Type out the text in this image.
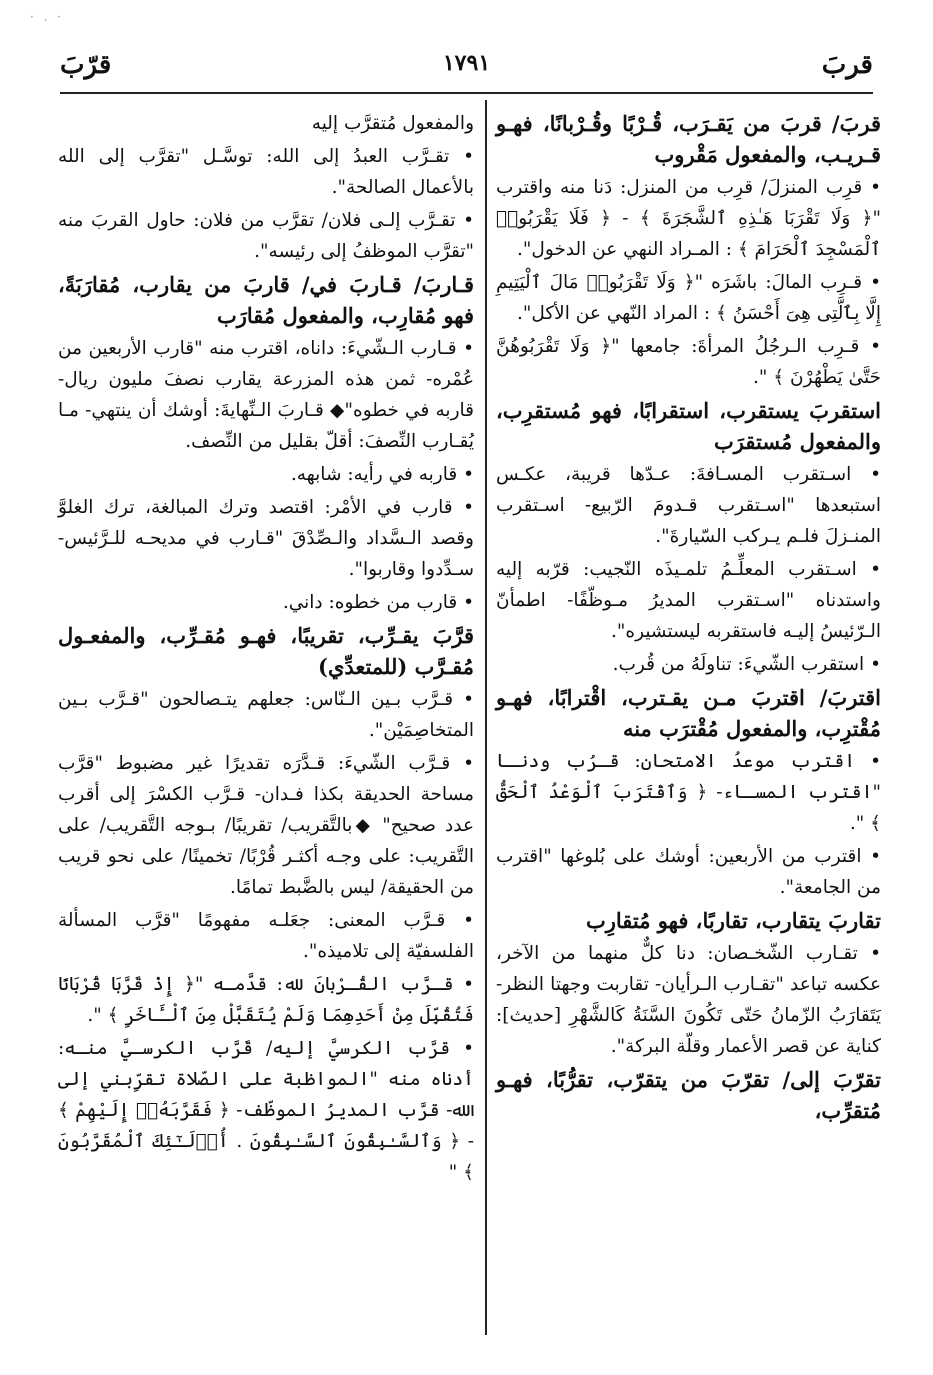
· . ·
قربَ
١٧٩١
قرّبَ

قربَ/ قربَ من يَقـرَب، قُـرْبًا وقُـرْبانًا، فهـو قـريـب، والمفعول مَقْروب

• قرِب المنزلَ/ قرِب من المنزل: دَنا منه واقترب "﴿ وَلَا تَقْرَبَا هَـٰذِهِ ٱلشَّجَرَةَ ﴾ - ﴿ فَلَا يَقْرَبُوا۟ ٱلْمَسْجِدَ ٱلْحَرَامَ ﴾ : المـراد النهي عن الدخول".

• قـرِب المالَ: باشَرَه "﴿ وَلَا تَقْرَبُوا۟ مَالَ ٱلْيَتِيمِ إِلَّا بِٱلَّتِى هِىَ أَحْسَنُ ﴾ : المراد النّهي عن الأكل".

• قـرِب الـرجُلُ المرأةَ: جامعها "﴿ وَلَا تَقْرَبُوهُنَّ حَتَّىٰ يَطْهُرْنَ ﴾ ".

استقربَ يستقرب، استقرابًا، فهو مُستقرِب، والمفعول مُستقرَب

• اسـتقرب المسـافةَ: عـدّها قريبة، عكـس استبعدها "اسـتقرب قـدومَ الرّبيع- اسـتقرب المنـزلَ فلـم يـركب السّيارةَ".

• اسـتقرب المعلِّـمُ تلمـيذَه النّجيب: قرّبه إليه واستدناه "اسـتقرب المديرُ مـوظّفًا- اطمأنّ الـرّئيسُ إليـه فاستقربه ليستشيره".

• استقرب الشّيءَ: تناولَهُ من قُرب.

اقتربَ/ اقتربَ مـن يقـترب، اقْترابًا، فهـو مُقْترِب، والمفعول مُقْترَب منه

• اقترب موعدُ الامتحان: قـرُب ودنـا "اقترب المسـاء- ﴿ وَٱقْتَرَبَ ٱلْوَعْدُ ٱلْحَقُّ ﴾ ".

• اقترب من الأربعين: أوشك على بُلوغها "اقترب من الجامعة".

تقاربَ يتقارب، تقاربًا، فهو مُتقارِب

• تقـارب الشّخـصان: دنا كلٌّ منهما من الآخر، عكسه تباعد "تقـارب الـرأيان- تقاربت وجهتا النظر- يَتَقارَبُ الزّمانُ حَتّى تَكُونَ السَّنَةُ كَالشَّهْرِ [حديث]: كناية عن قصر الأعمار وقلّة البركة".

تقرّبَ إلى/ تقرّبَ من يتقرّب، تقرُّبًا، فهـو مُتقرِّب،

والمفعول مُتقرَّب إليه

• تقـرَّب العبدُ إلى الله: توسَّـل "تقرَّب إلى الله بالأعمال الصالحة".

• تقـرَّب إلـى فلان/ تقرَّب من فلان: حاول القربَ منه "تقرَّب الموظفُ إلى رئيسه".

قـاربَ/ قـاربَ في/ قاربَ من يقارب، مُقارَبَةً، فهو مُقارِب، والمفعول مُقارَب

• قـارب الـشّيءَ: داناه، اقترب منه "قارب الأربعين من عُمْره- ثمن هذه المزرعة يقارب نصفَ مليون ريال- قاربه في خطوه"◆ قـاربَ الـنِّهايةَ: أوشك أن ينتهي- مـا يُقـارب النِّصفَ: أقلّ بقليل من النِّصف.

• قاربه في رأيه: شابهه.

• قارب في الأمْر: اقتصد وترك المبالغة، ترك الغلوَّ وقصد الـسَّداد والـصِّدْقَ "قـارب في مديحـه للـرَّئيس- سـدِّدوا وقاربوا".

• قارب من خطوه: داني.

قرَّبَ يقـرِّب، تقريبًا، فهـو مُقـرِّب، والمفعـول مُقـرَّب (للمتعدِّي)

• قـرَّب بـين الـنّاس: جعلهم يتـصالحون "قـرَّب بـين المتخاصِمَيْن".

• قـرَّب الشّيءَ: قـدَّرَه تقديرًا غير مضبوط "قرَّب مساحة الحديقة بكذا فـدان- قـرَّب الكسْرَ إلى أقرب عدد صحيح" ◆بالتَّقريب/ تقريبًا/ بـوجه التَّقريب/ على التَّقريب: على وجـه أكثـر قُرْبًا/ تخمينًا/ على نحو قريب من الحقيقة/ ليس بالضَّبط تمامًا.

• قـرَّب المعنى: جعَلـه مفهومًا "قرَّب المسألة الفلسفيّة إلى تلاميذه".

• قـرَّب القُـرْبانَ لله: قدَّمـه "﴿ إِذْ قَرَّبَا قُرْبَانًا فَتُقُبِّلَ مِنْ أَحَدِهِمَا وَلَمْ يُتَقَبَّلْ مِنَ ٱلْـَٔاخَرِ ﴾ ".

• قرَّب الكرسيَّ إليه/ قَرَّب الكرسـيَّ منـه: أدناه منه "المواظبة على الصّلاة تقرِّبني إلى الله- قرَّب المديرُ الموظّف- ﴿ فَقَرَّبَهُۥٓ إِلَيْهِمْ ﴾ - ﴿ وَٱلسَّـٰبِقُونَ ٱلسَّـٰبِقُونَ . أُو۟لَـٰٓئِكَ ٱلْمُقَرَّبُونَ ﴾ "
